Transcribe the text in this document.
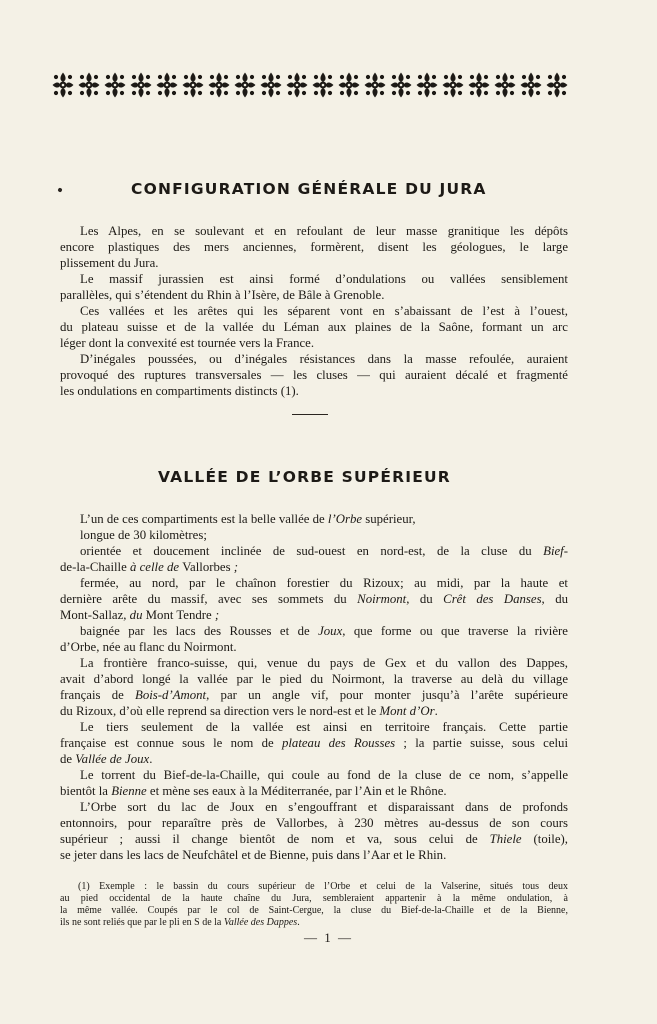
CONFIGURATION GÉNÉRALE DU JURA
Les Alpes, en se soulevant et en refoulant de leur masse granitique les dépôts
encore plastiques des mers anciennes, formèrent, disent les géologues, le large
plissement du Jura.
Le massif jurassien est ainsi formé d’ondulations ou vallées sensiblement
parallèles, qui s’étendent du Rhin à l’Isère, de Bâle à Grenoble.
Ces vallées et les arêtes qui les séparent vont en s’abaissant de l’est à l’ouest,
du plateau suisse et de la vallée du Léman aux plaines de la Saône, formant un arc
léger dont la convexité est tournée vers la France.
D’inégales poussées, ou d’inégales résistances dans la masse refoulée, auraient
provoqué des ruptures transversales — les cluses — qui auraient décalé et fragmenté
les ondulations en compartiments distincts (1).
VALLÉE DE L’ORBE SUPÉRIEUR
L’un de ces compartiments est la belle vallée de l’Orbe supérieur,
longue de 30 kilomètres;
orientée et doucement inclinée de sud-ouest en nord-est, de la cluse du Bief-
de-la-Chaille à celle de Vallorbes ;
fermée, au nord, par le chaînon forestier du Rizoux; au midi, par la haute et
dernière arête du massif, avec ses sommets du Noirmont, du Crêt des Danses, du
Mont-Sallaz, du Mont Tendre ;
baignée par les lacs des Rousses et de Joux, que forme ou que traverse la rivière
d’Orbe, née au flanc du Noirmont.
La frontière franco-suisse, qui, venue du pays de Gex et du vallon des Dappes,
avait d’abord longé la vallée par le pied du Noirmont, la traverse au delà du village
français de Bois-d’Amont, par un angle vif, pour monter jusqu’à l’arête supérieure
du Rizoux, d’où elle reprend sa direction vers le nord-est et le Mont d’Or.
Le tiers seulement de la vallée est ainsi en territoire français. Cette partie
française est connue sous le nom de plateau des Rousses ; la partie suisse, sous celui
de Vallée de Joux.
Le torrent du Bief-de-la-Chaille, qui coule au fond de la cluse de ce nom, s’appelle
bientôt la Bienne et mène ses eaux à la Méditerranée, par l’Ain et le Rhône.
L’Orbe sort du lac de Joux en s’engouffrant et disparaissant dans de profonds
entonnoirs, pour reparaître près de Vallorbes, à 230 mètres au-dessus de son cours
supérieur ; aussi il change bientôt de nom et va, sous celui de Thiele (toile),
se jeter dans les lacs de Neufchâtel et de Bienne, puis dans l’Aar et le Rhin.
(1) Exemple : le bassin du cours supérieur de l’Orbe et celui de la Valserine, situés tous deux
au pied occidental de la haute chaîne du Jura, sembleraient appartenir à la même ondulation, à
la même vallée. Coupés par le col de Saint-Cergue, la cluse du Bief-de-la-Chaille et de la Bienne,
ils ne sont reliés que par le pli en S de la Vallée des Dappes.
— 1 —
